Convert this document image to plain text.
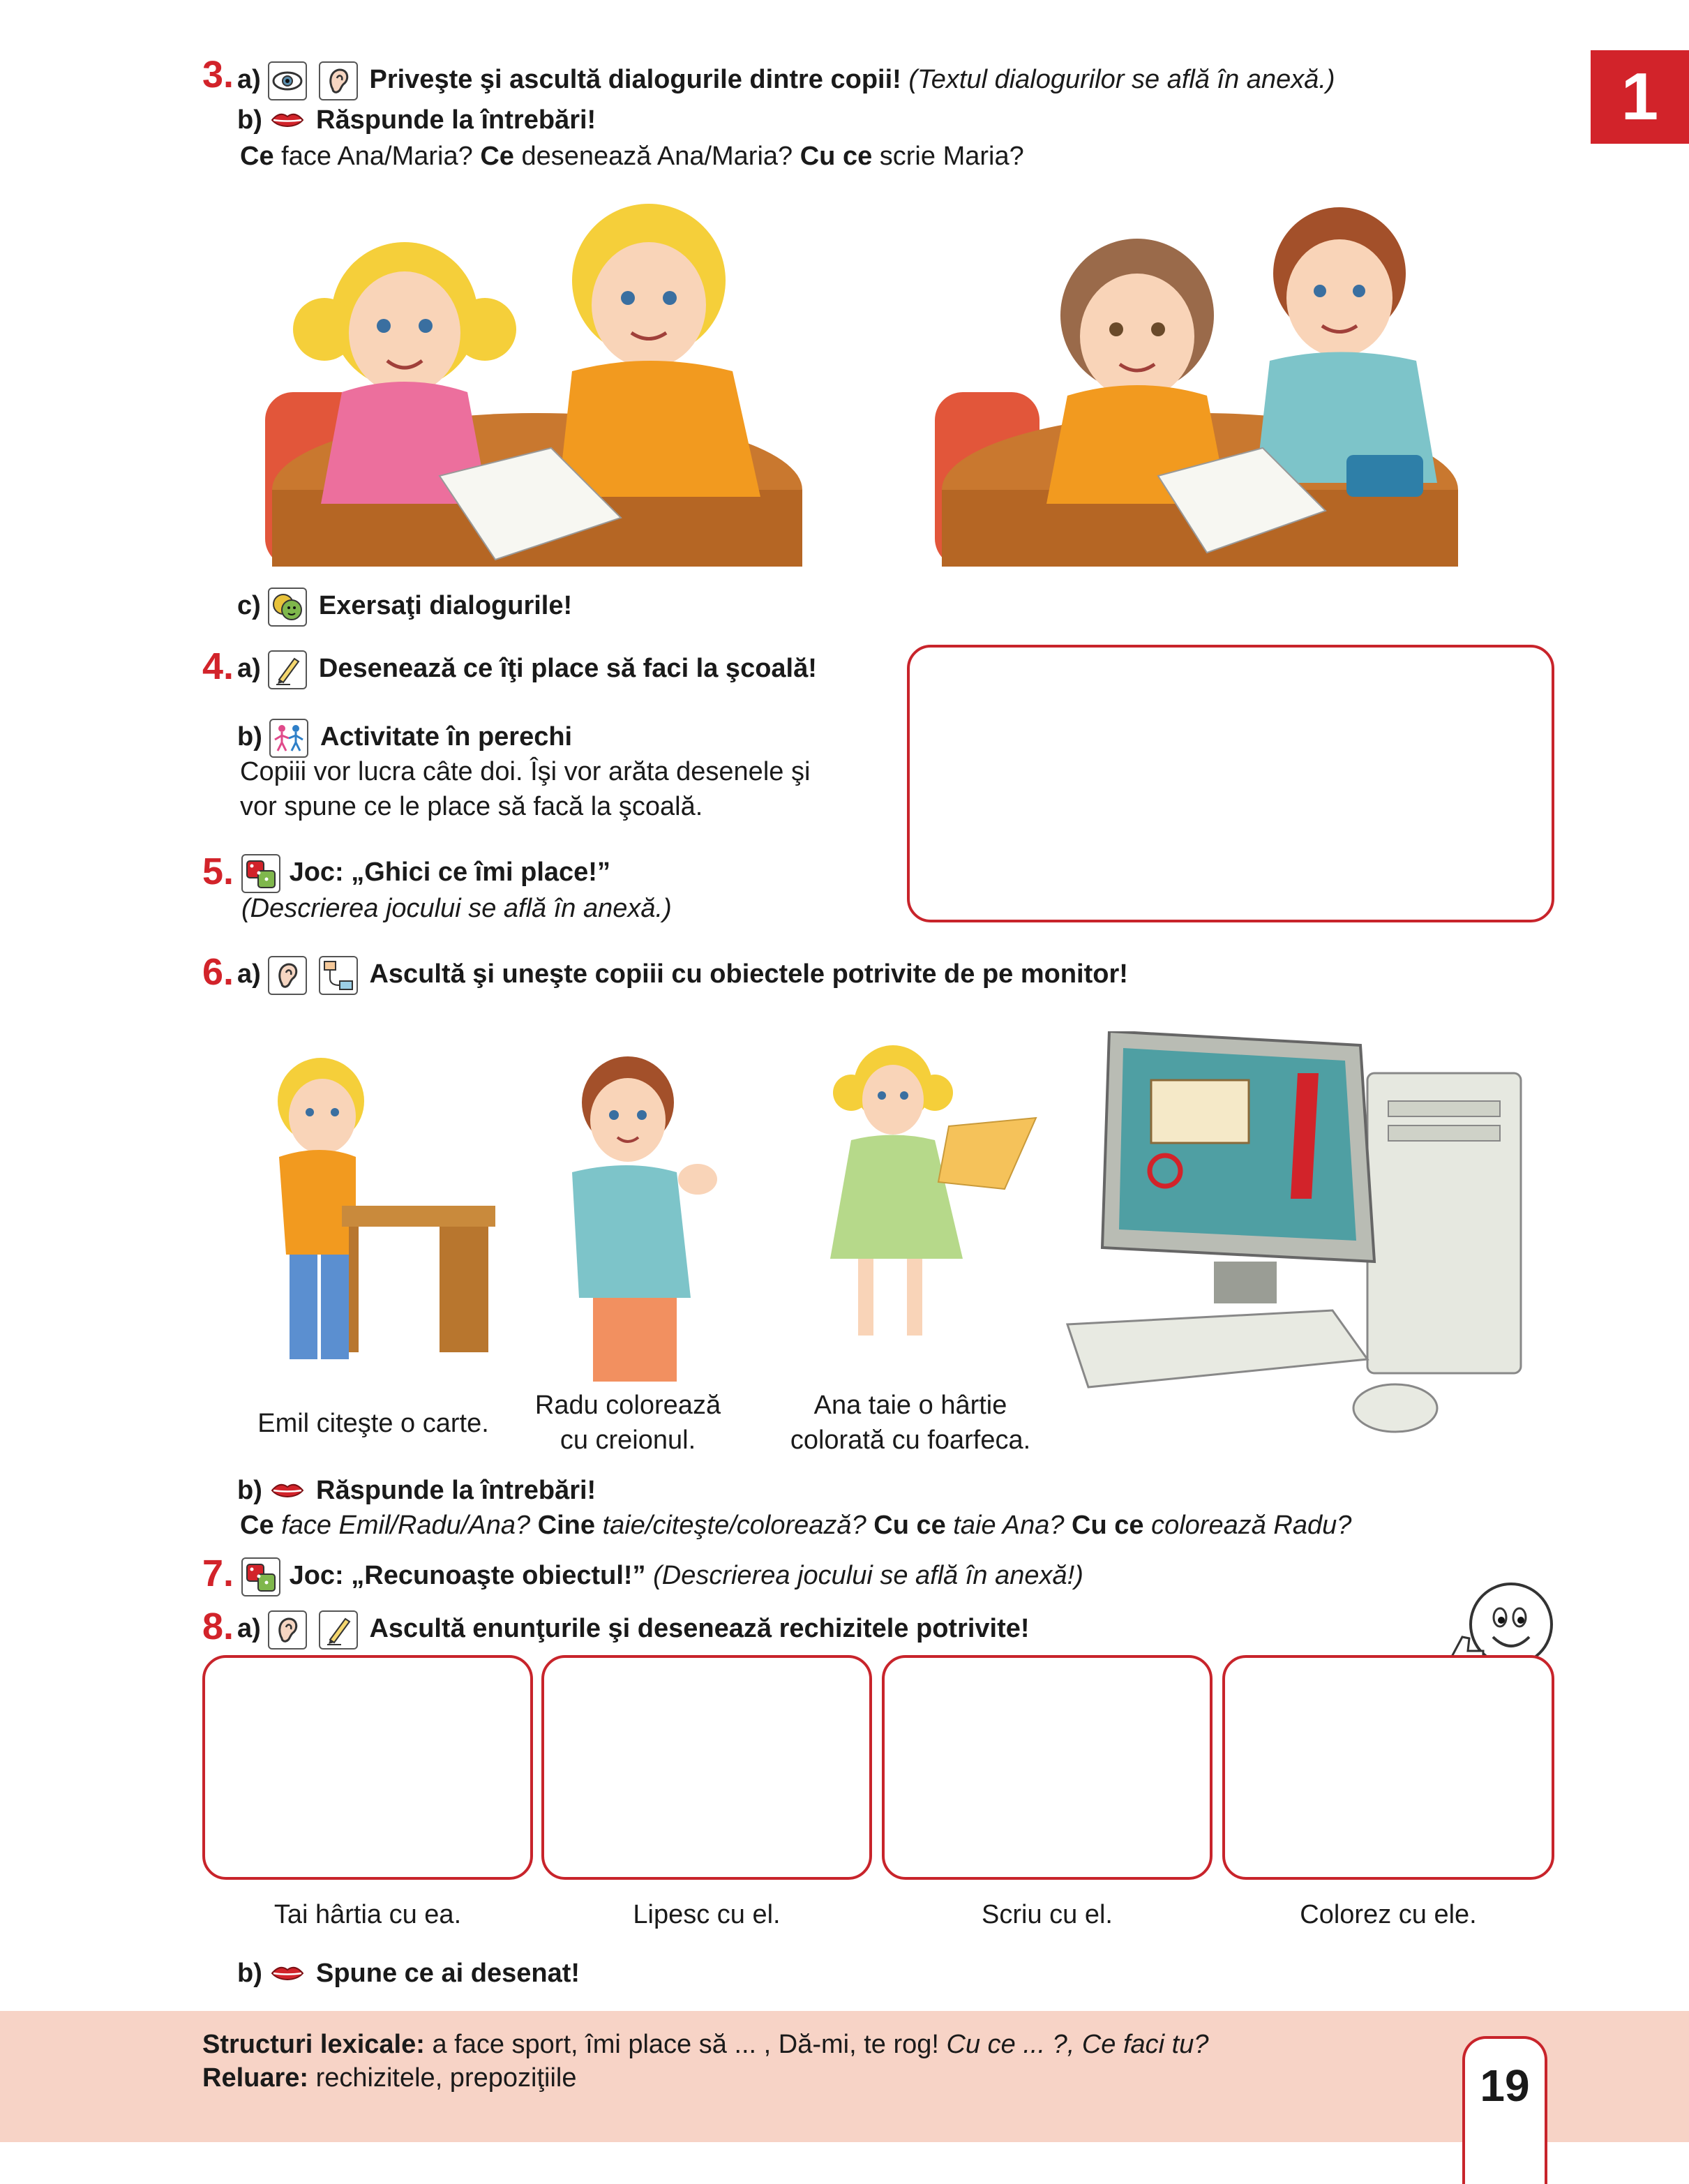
1
3. a)
	Priveşte şi ascultă dialogurile dintre copii! (Textul dialogurilor se află în anexă.)
b) Răspunde la întrebări!
Ce face Ana/Maria? Ce desenează Ana/Maria? Cu ce scrie Maria?
c) Exersaţi dialogurile!
4. a) Desenează ce îţi place să faci la şcoală!
b) Activitate în perechi
Copiii vor lucra câte doi. Îşi vor arăta desenele şi
vor spune ce le place să facă la şcoală.
5.	Joc: „Ghici ce îmi place!”
(Descrierea jocului se află în anexă.)
6. a)
	Ascultă şi uneşte copiii cu obiectele potrivite de pe monitor!
Emil citeşte o carte.
Radu colorează
cu creionul.
Ana taie o hârtie
colorată cu foarfeca.
b) Răspunde la întrebări!
Ce face Emil/Radu/Ana? Cine taie/citeşte/colorează? Cu ce taie Ana? Cu ce colorează Radu?
7.	Joc: „Recunoaşte obiectul!” (Descrierea jocului se află în anexă!)
8. a)
	Ascultă enunţurile şi desenează rechizitele potrivite!
Tai hârtia cu ea.	Lipesc cu el.	Scriu cu el.	Colorez cu ele.
b) Spune ce ai desenat!
Structuri lexicale: a face sport, îmi place să ... , Dă-mi, te rog! Cu ce ... ?, Ce faci tu?
Reluare: rechizitele, prepoziţiile	19
